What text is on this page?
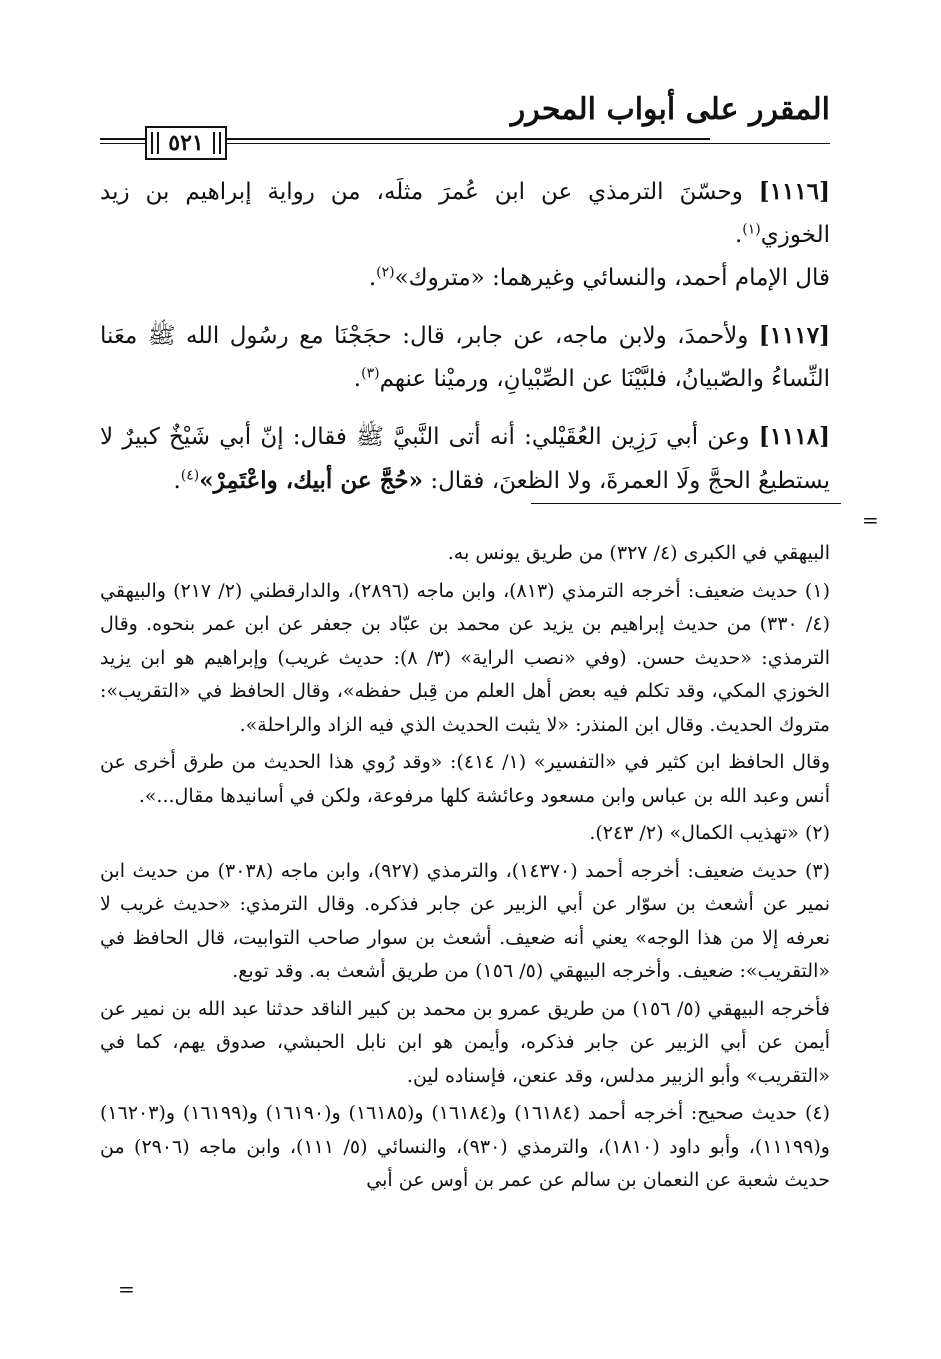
المقرر على أبواب المحرر
٥٢١

[١١١٦] وحسّنَ الترمذي عن ابن عُمرَ مثلَه، من رواية إبراهيم بن زيد الخوزي$^{(١)}$.
قال الإمام أحمد، والنسائي وغيرهما: «متروك»$^{(٢)}$.

[١١١٧] ولأحمدَ، ولابن ماجه، عن جابر، قال: حجَجْنَا مع رسُول الله ﷺ معَنا النِّساءُ والصّبيانُ، فلبَّيْنَا عن الصِّبْيانِ، ورميْنا عنهم$^{(٣)}$.

[١١١٨] وعن أبي رَزِين العُقَيْلي: أنه أتى النَّبيَّ ﷺ فقال: إنّ أبي شَيْخٌ كبيرٌ لا يستطيعُ الحجَّ ولَا العمرةَ، ولا الظعنَ، فقال: «حُجَّ عن أبيك، واعْتَمِرْ»$^{(٤)}$.

=

البيهقي في الكبرى (٤/ ٣٢٧) من طريق يونس به.

(١) حديث ضعيف: أخرجه الترمذي (٨١٣)، وابن ماجه (٢٨٩٦)، والدارقطني (٢/ ٢١٧) والبيهقي (٤/ ٣٣٠) من حديث إبراهيم بن يزيد عن محمد بن عبّاد بن جعفر عن ابن عمر بنحوه. وقال الترمذي: «حديث حسن. (وفي «نصب الراية» (٣/ ٨): حديث غريب) وإبراهيم هو ابن يزيد الخوزي المكي، وقد تكلم فيه بعض أهل العلم من قِبل حفظه»، وقال الحافظ في «التقريب»: متروك الحديث. وقال ابن المنذر: «لا يثبت الحديث الذي فيه الزاد والراحلة».

وقال الحافظ ابن كثير في «التفسير» (١/ ٤١٤): «وقد رُوي هذا الحديث من طرق أخرى عن أنس وعبد الله بن عباس وابن مسعود وعائشة كلها مرفوعة، ولكن في أسانيدها مقال...».

(٢) «تهذيب الكمال» (٢/ ٢٤٣).

(٣) حديث ضعيف: أخرجه أحمد (١٤٣٧٠)، والترمذي (٩٢٧)، وابن ماجه (٣٠٣٨) من حديث ابن نمير عن أشعث بن سوّار عن أبي الزبير عن جابر فذكره. وقال الترمذي: «حديث غريب لا نعرفه إلا من هذا الوجه» يعني أنه ضعيف. أشعث بن سوار صاحب التوابيت، قال الحافظ في «التقريب»: ضعيف. وأخرجه البيهقي (٥/ ١٥٦) من طريق أشعث به. وقد توبع.

فأخرجه البيهقي (٥/ ١٥٦) من طريق عمرو بن محمد بن كبير الناقد حدثنا عبد الله بن نمير عن أيمن عن أبي الزبير عن جابر فذكره، وأيمن هو ابن نابل الحبشي، صدوق يهم، كما في «التقريب» وأبو الزبير مدلس، وقد عنعن، فإسناده لين.

(٤) حديث صحيح: أخرجه أحمد (١٦١٨٤) و(١٦١٨٤) و(١٦١٨٥) و(١٦١٩٠) و(١٦١٩٩) و(١٦٢٠٣) و(١١١٩٩)، وأبو داود (١٨١٠)، والترمذي (٩٣٠)، والنسائي (٥/ ١١١)، وابن ماجه (٢٩٠٦) من حديث شعبة عن النعمان بن سالم عن عمر بن أوس عن أبي

=
